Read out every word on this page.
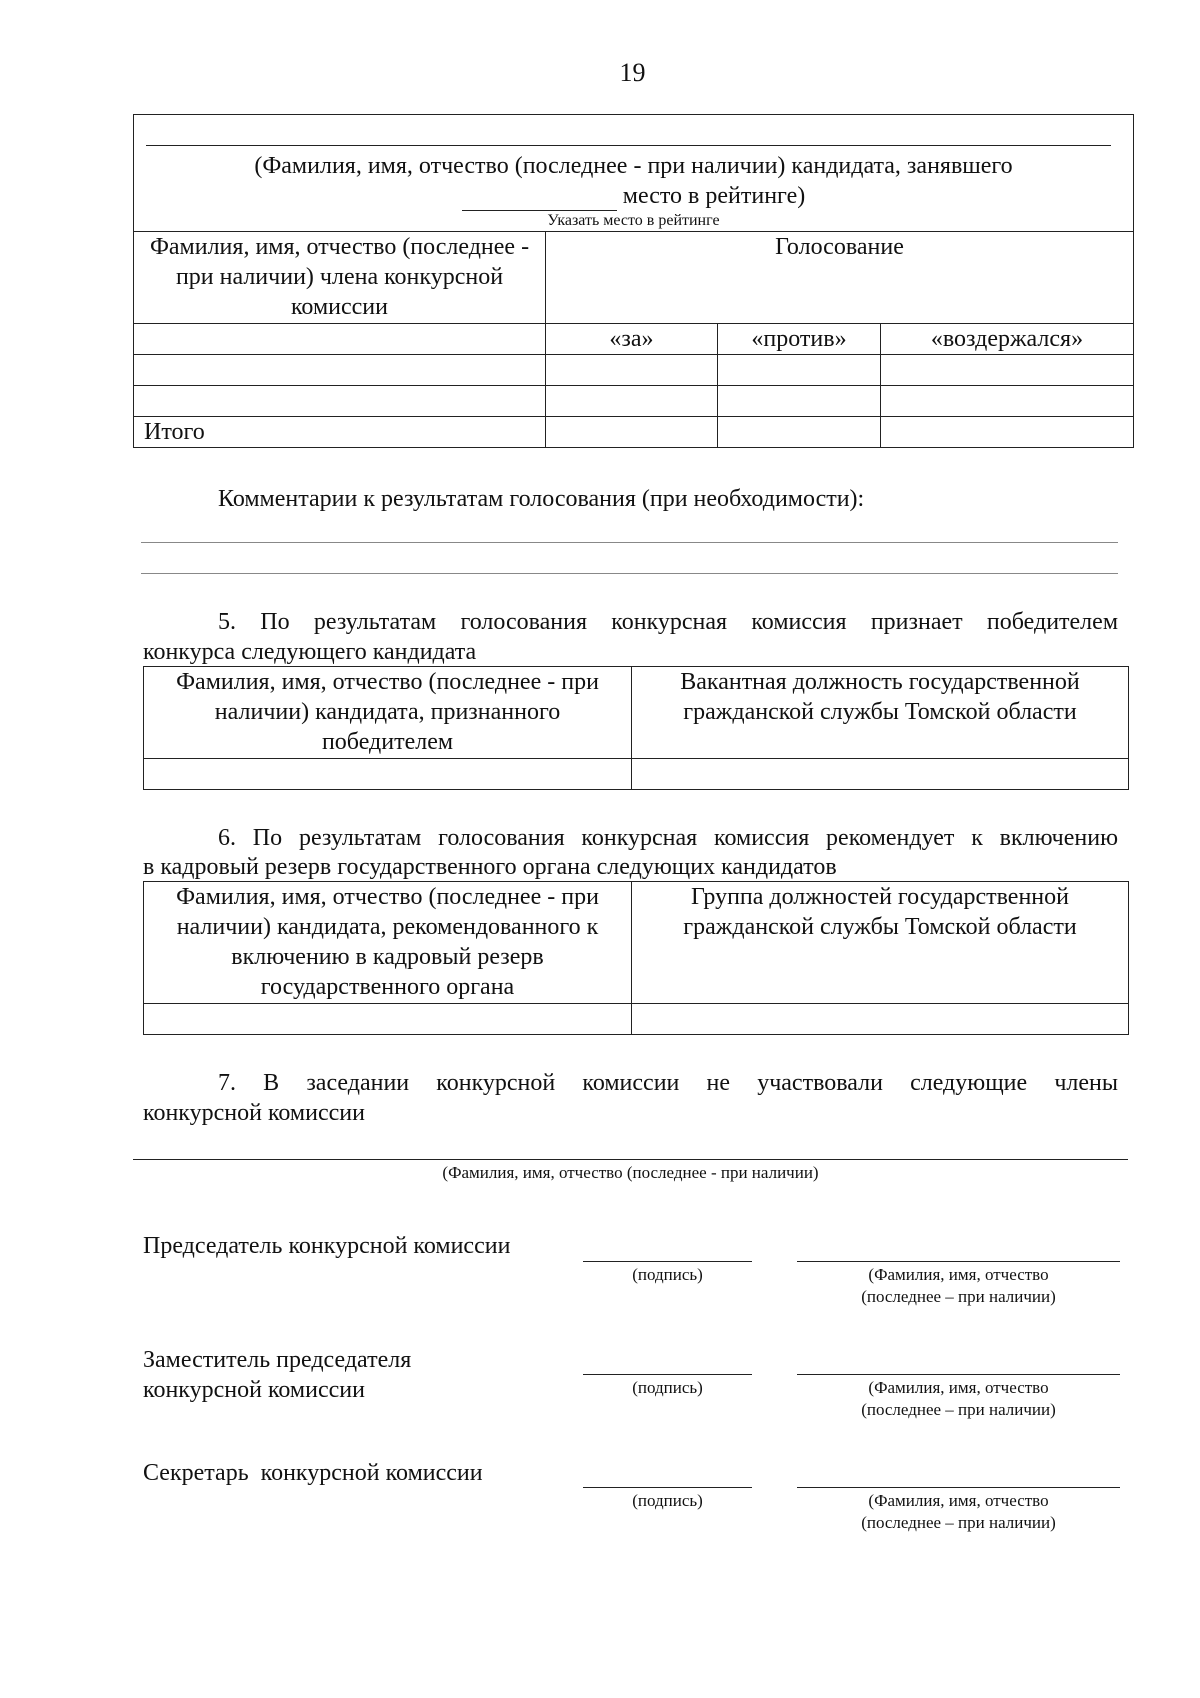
19
(Фамилия, имя, отчество (последнее - при наличии) кандидата, занявшего
место в рейтинге)
Указать место в рейтинге			

Фамилия, имя, отчество (последнее - при наличии) члена конкурсной комиссии	Голосование		
	«за»	«против»	«воздержался»

Итого			
Комментарии к результатам голосования (при необходимости):
5. По результатам голосования конкурсная комиссия признает победителем
конкурса следующего кандидата
Фамилия, имя, отчество (последнее - при наличии) кандидата, признанного победителем	Вакантная должность государственной гражданской службы Томской области

6. По результатам голосования конкурсная комиссия рекомендует к включению
в кадровый резерв государственного органа следующих кандидатов
Фамилия, имя, отчество (последнее - при наличии) кандидата, рекомендованного к включению в кадровый резерв государственного органа	Группа должностей государственной гражданской службы Томской области

7. В заседании конкурсной комиссии не участвовали следующие члены
конкурсной комиссии
(Фамилия, имя, отчество (последнее - при наличии)
Председатель конкурсной комиссии
(подпись)	(Фамилия, имя, отчество
(последнее – при наличии)
Заместитель председателя конкурсной комиссии	(подпись)	(Фамилия, имя, отчество
(последнее – при наличии)
Секретарь  конкурсной комиссии
(подпись)	(Фамилия, имя, отчество
(последнее – при наличии)
